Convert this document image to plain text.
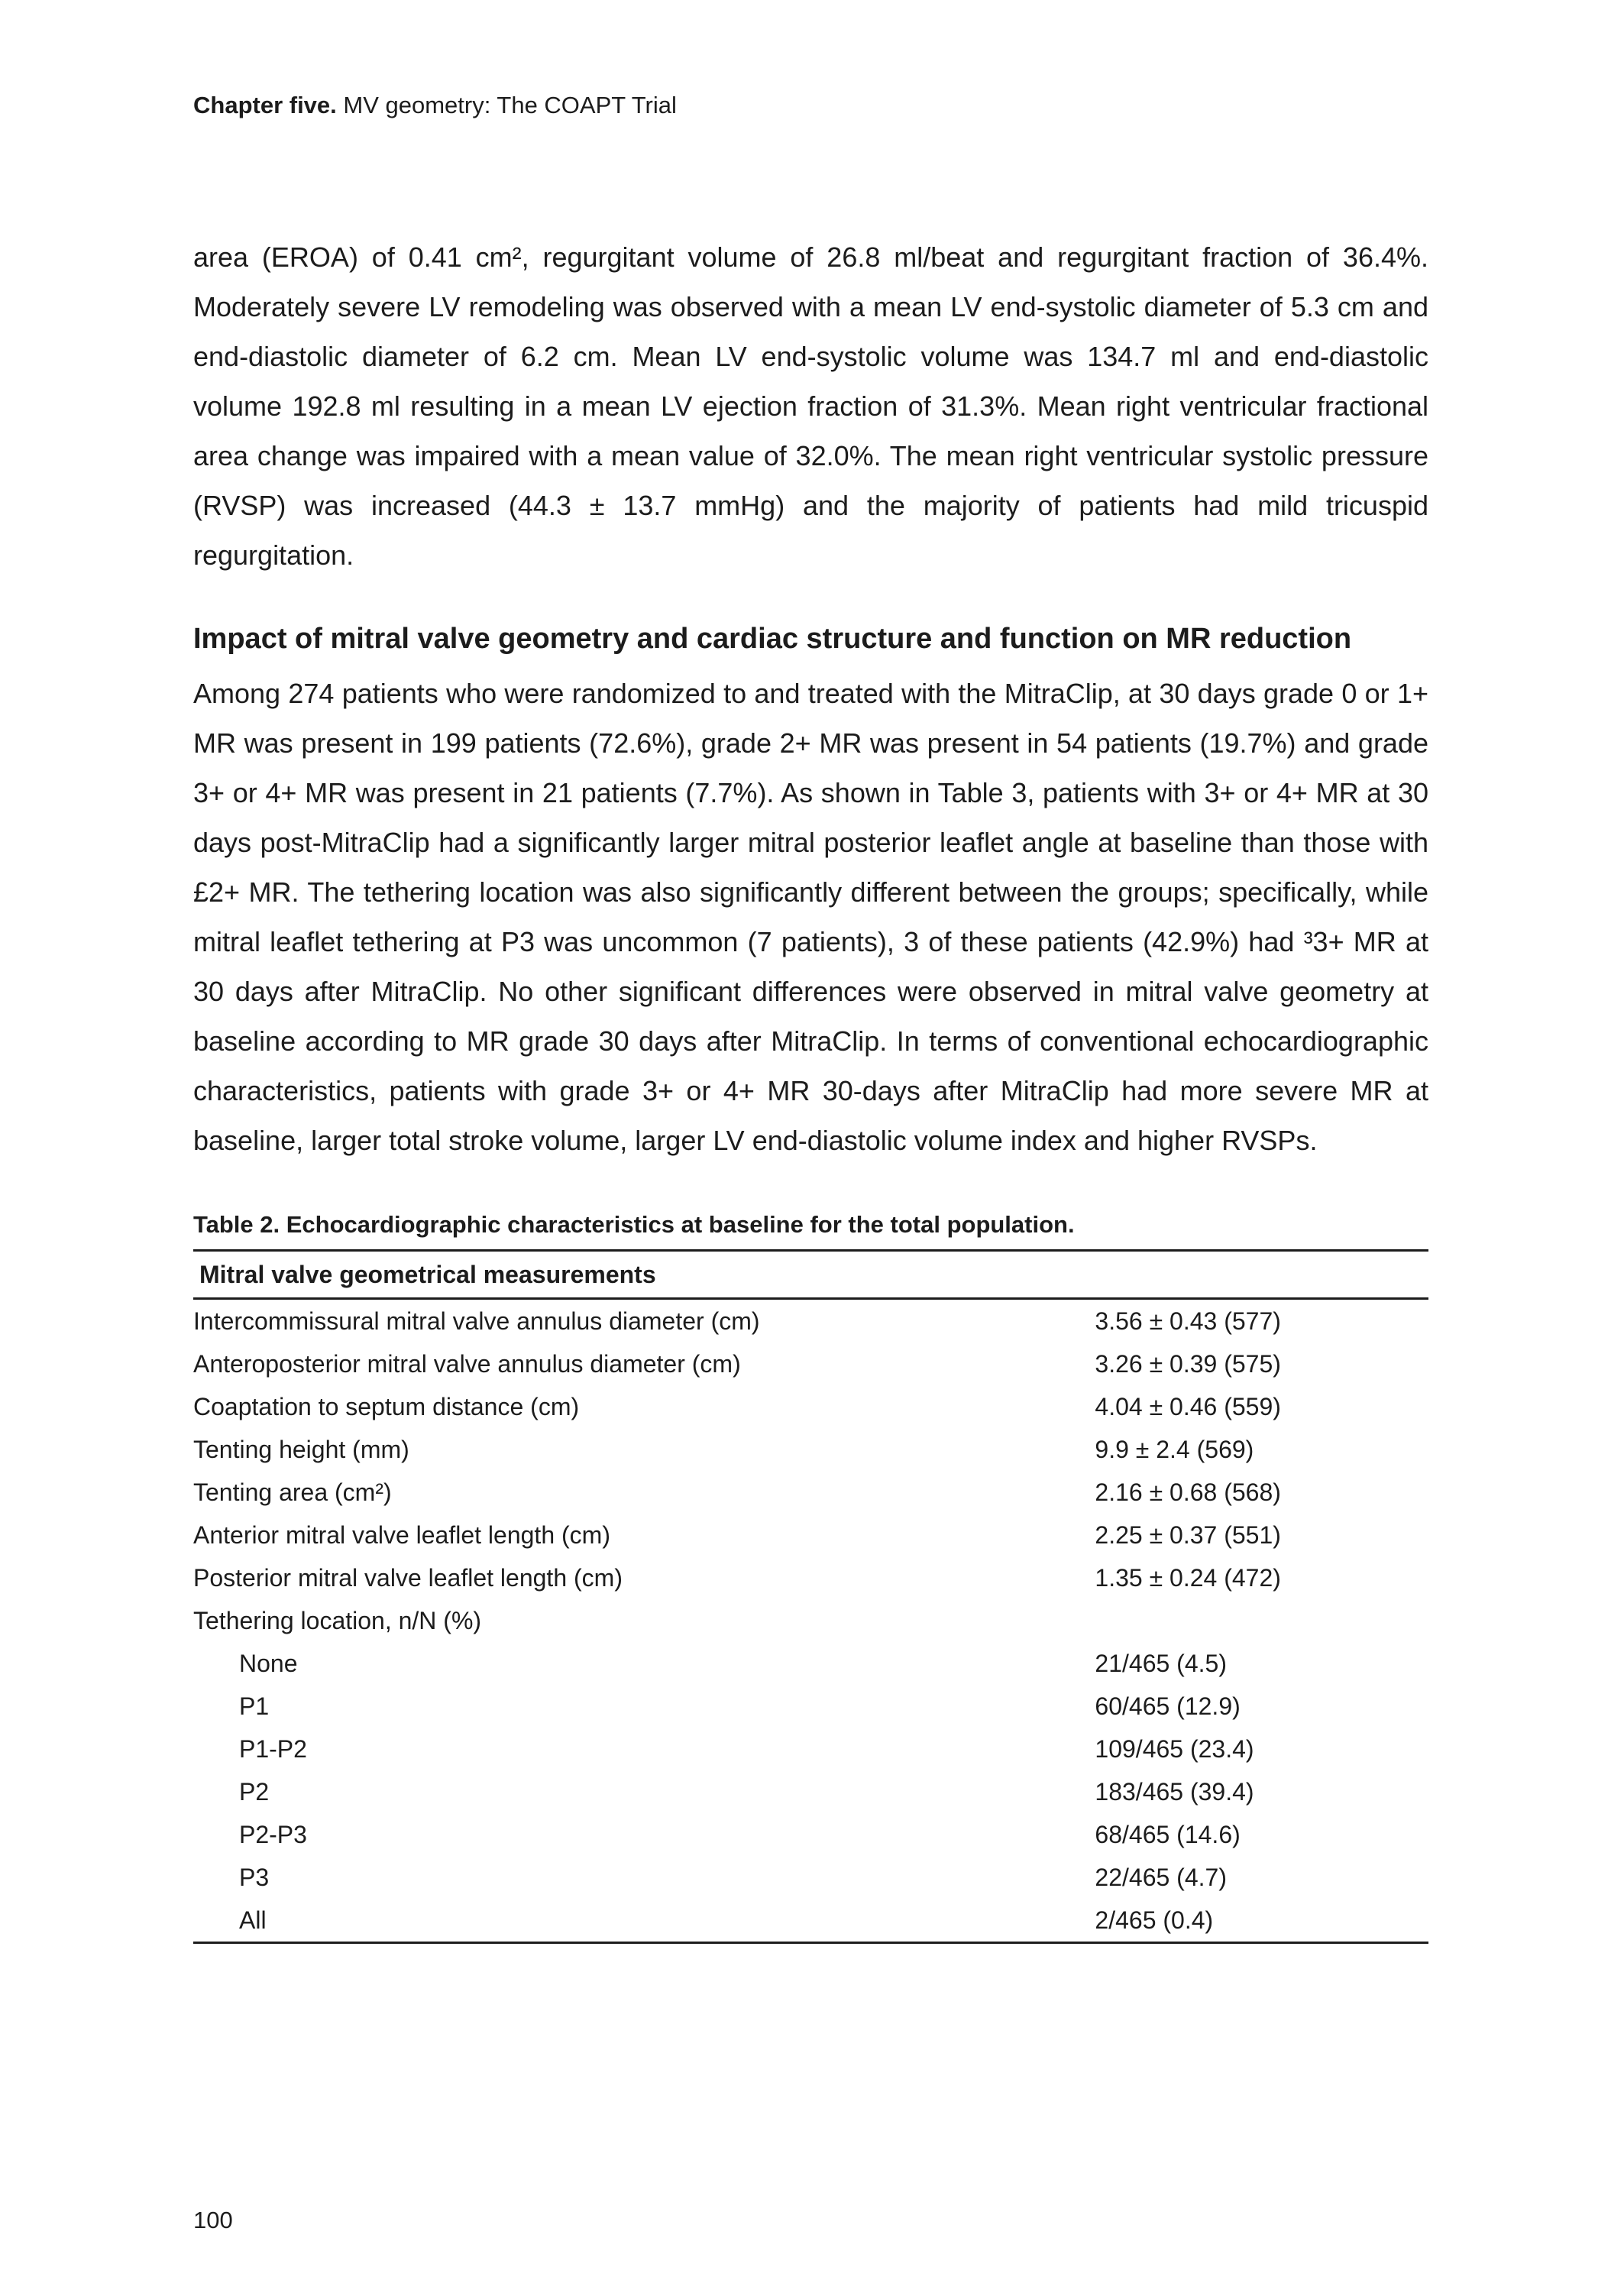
Chapter five. MV geometry: The COAPT Trial

area (EROA) of 0.41 cm², regurgitant volume of 26.8 ml/beat and regurgitant fraction of 36.4%. Moderately severe LV remodeling was observed with a mean LV end-systolic diameter of 5.3 cm and end-diastolic diameter of 6.2 cm. Mean LV end-systolic volume was 134.7 ml and end-diastolic volume 192.8 ml resulting in a mean LV ejection fraction of 31.3%. Mean right ventricular fractional area change was impaired with a mean value of 32.0%. The mean right ventricular systolic pressure (RVSP) was increased (44.3 ± 13.7 mmHg) and the majority of patients had mild tricuspid regurgitation.

Impact of mitral valve geometry and cardiac structure and function on MR reduction

Among 274 patients who were randomized to and treated with the MitraClip, at 30 days grade 0 or 1+ MR was present in 199 patients (72.6%), grade 2+ MR was present in 54 patients (19.7%) and grade 3+ or 4+ MR was present in 21 patients (7.7%). As shown in Table 3, patients with 3+ or 4+ MR at 30 days post-MitraClip had a significantly larger mitral posterior leaflet angle at baseline than those with £2+ MR. The tethering location was also significantly different between the groups; specifically, while mitral leaflet tethering at P3 was uncommon (7 patients), 3 of these patients (42.9%) had ³3+ MR at 30 days after MitraClip. No other significant differences were observed in mitral valve geometry at baseline according to MR grade 30 days after MitraClip. In terms of conventional echocardiographic characteristics, patients with grade 3+ or 4+ MR 30-days after MitraClip had more severe MR at baseline, larger total stroke volume, larger LV end-diastolic volume index and higher RVSPs.

Table 2. Echocardiographic characteristics at baseline for the total population.

Mitral valve geometrical measurements	
Intercommissural mitral valve annulus diameter (cm)	3.56 ± 0.43 (577)
Anteroposterior mitral valve annulus diameter (cm)	3.26 ± 0.39 (575)
Coaptation to septum distance (cm)	4.04 ± 0.46 (559)
Tenting height (mm)	9.9 ± 2.4 (569)
Tenting area (cm²)	2.16 ± 0.68 (568)
Anterior mitral valve leaflet length (cm)	2.25 ± 0.37 (551)
Posterior mitral valve leaflet length (cm)	1.35 ± 0.24 (472)
Tethering location, n/N (%)	
None	21/465 (4.5)
P1	60/465 (12.9)
P1-P2	109/465 (23.4)
P2	183/465 (39.4)
P2-P3	68/465 (14.6)
P3	22/465 (4.7)
All	2/465 (0.4)
100
